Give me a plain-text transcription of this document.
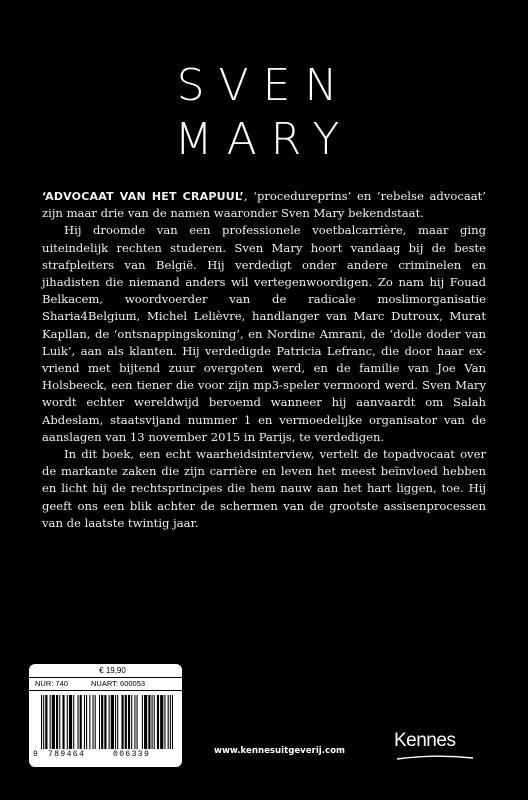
SVEN
MARY

‘ADVOCAAT VAN HET CRAPUUL’, ‘procedureprins’ en ‘rebelse advocaat’ zijn maar drie van de namen waaronder Sven Mary bekendstaat.

Hij droomde van een professionele voetbalcarrière, maar ging uiteindelijk rechten studeren. Sven Mary hoort vandaag bij de beste strafpleiters van België. Hij verdedigt onder andere criminelen en jihadisten die niemand anders wil vertegenwoordigen. Zo nam hij Fouad Belkacem, woordvoerder van de radicale moslimorganisatie Sharia4Belgium, Michel Lelièvre, handlanger van Marc Dutroux, Murat Kapllan, de ‘ontsnappingskoning’, en Nordine Amrani, de ‘dolle doder van Luik’, aan als klanten. Hij verdedigde Patricia Lefranc, die door haar ex-vriend met bijtend zuur overgoten werd, en de familie van Joe Van Holsbeeck, een tiener die voor zijn mp3-speler vermoord werd. Sven Mary wordt echter wereldwijd beroemd wanneer hij aanvaardt om Salah Abdeslam, staatsvijand nummer 1 en vermoedelijke organisator van de aanslagen van 13 november 2015 in Parijs, te verdedigen.

In dit boek, een echt waarheidsinterview, vertelt de topadvocaat over de markante zaken die zijn carrière en leven het meest beïnvloed hebben en licht hij de rechtsprincipes die hem nauw aan het hart liggen, toe. Hij geeft ons een blik achter de schermen van de grootste assisenprocessen van de laatste twintig jaar.

€ 19,90
NUR: 740	NUART: 600053
9 789464	006339	www.kennesuitgeverij.com	Kennes
